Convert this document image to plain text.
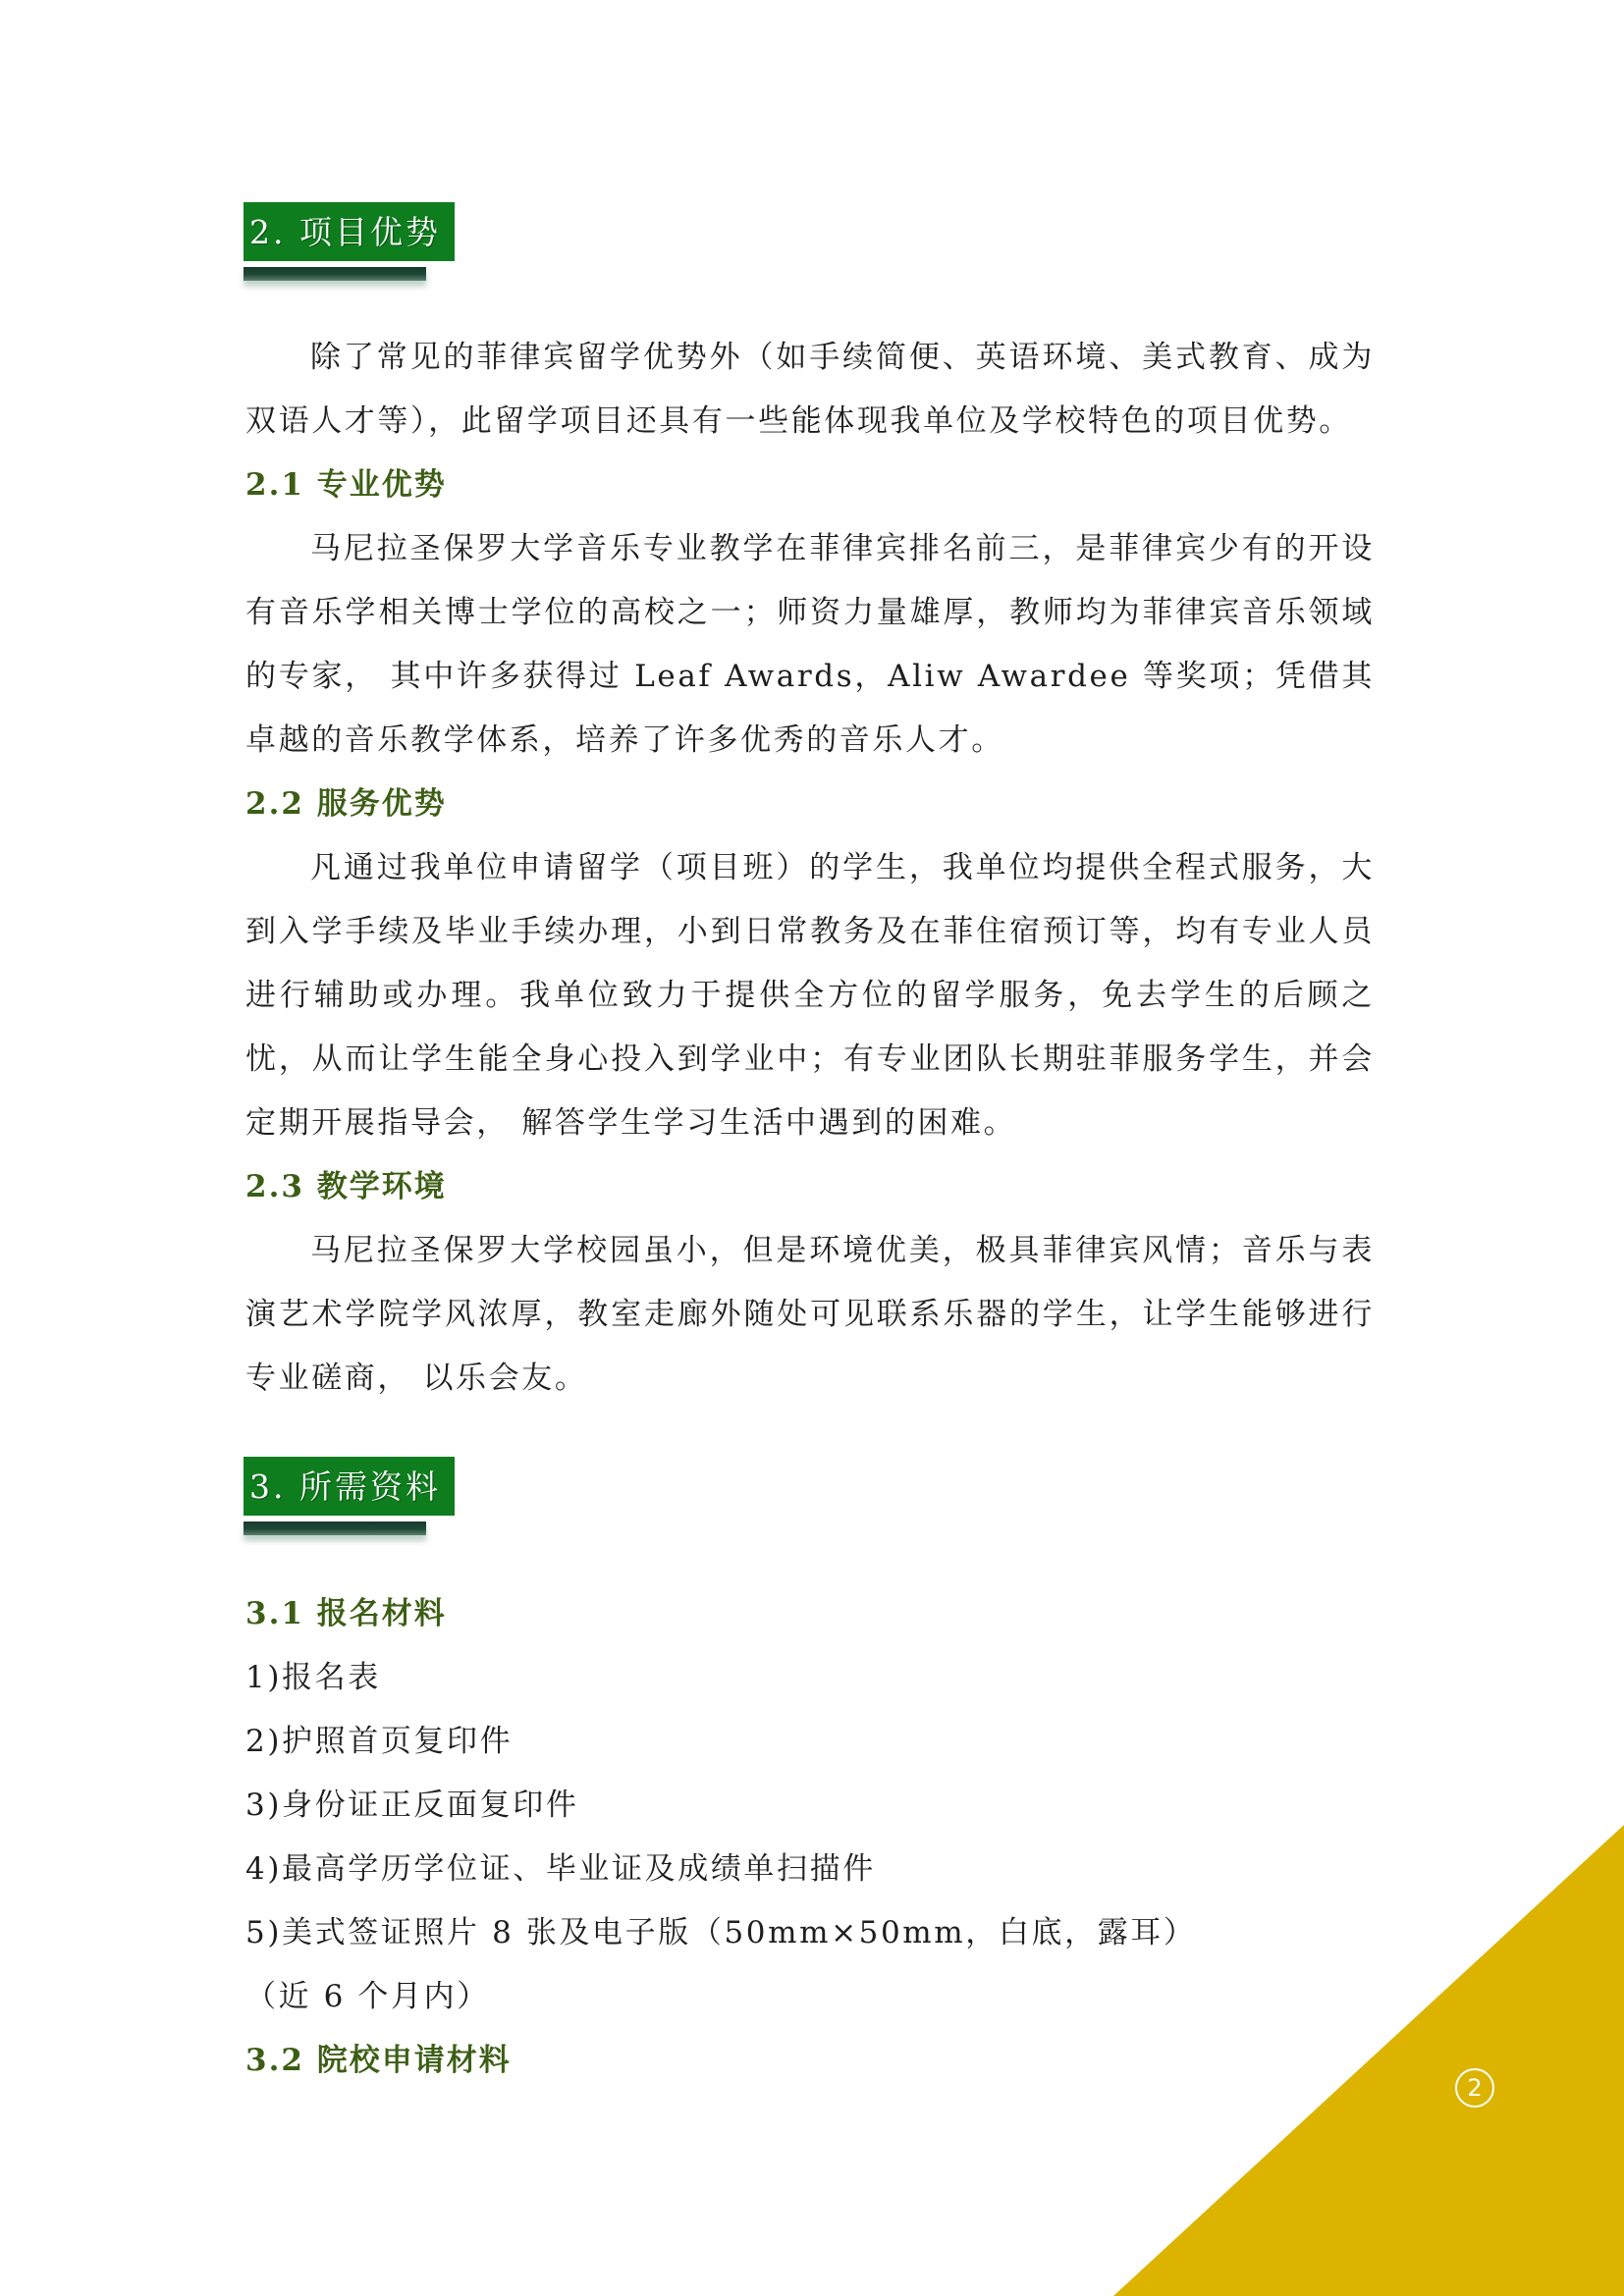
2. 项目优势

除了常见的菲律宾留学优势外（如手续简便、英语环境、美式教育、成为双语人才等），此留学项目还具有一些能体现我单位及学校特色的项目优势。

2.1 专业优势

马尼拉圣保罗大学音乐专业教学在菲律宾排名前三，是菲律宾少有的开设有音乐学相关博士学位的高校之一；师资力量雄厚，教师均为菲律宾音乐领域的专家， 其中许多获得过 Leaf Awards，Aliw Awardee 等奖项；凭借其卓越的音乐教学体系，培养了许多优秀的音乐人才。

2.2 服务优势

凡通过我单位申请留学（项目班）的学生，我单位均提供全程式服务，大到入学手续及毕业手续办理，小到日常教务及在菲住宿预订等，均有专业人员进行辅助或办理。我单位致力于提供全方位的留学服务，免去学生的后顾之忧，从而让学生能全身心投入到学业中；有专业团队长期驻菲服务学生，并会定期开展指导会， 解答学生学习生活中遇到的困难。

2.3 教学环境

马尼拉圣保罗大学校园虽小，但是环境优美，极具菲律宾风情；音乐与表演艺术学院学风浓厚，教室走廊外随处可见联系乐器的学生，让学生能够进行专业磋商， 以乐会友。

3. 所需资料

3.1 报名材料

1)报名表

2)护照首页复印件

3)身份证正反面复印件

4)最高学历学位证、毕业证及成绩单扫描件

5)美式签证照片 8 张及电子版（50mm×50mm，白底，露耳）

（近 6 个月内）

3.2 院校申请材料

2
